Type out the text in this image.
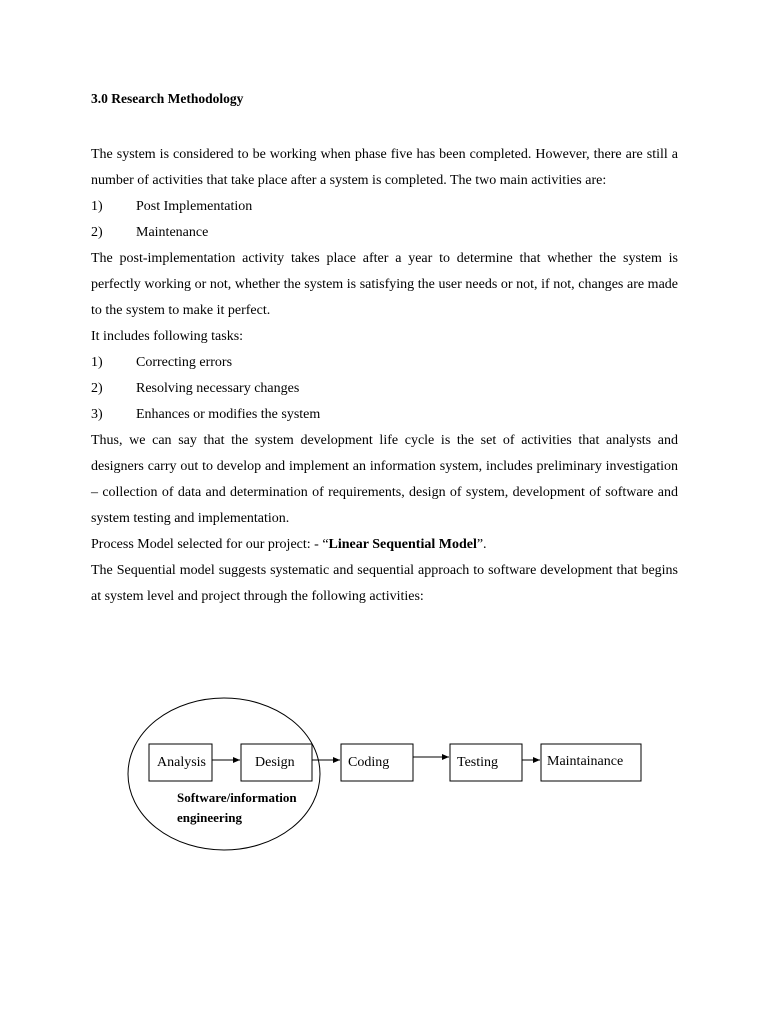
3.0 Research Methodology

The system is considered to be working when phase five has been completed. However, there are still a number of activities that take place after a system is completed. The two main activities are:

1)	Post Implementation
2)	Maintenance

The post-implementation activity takes place after a year to determine that whether the system is perfectly working or not, whether the system is satisfying the user needs or not, if not, changes are made to the system to make it perfect.

It includes following tasks:

1)	Correcting errors
2)	Resolving necessary changes
3)	Enhances or modifies the system

Thus, we can say that the system development life cycle is the set of activities that analysts and designers carry out to develop and implement an information system, includes preliminary investigation – collection of data and determination of requirements, design of system, development of software and system testing and implementation.

Process Model selected for our project: - “Linear Sequential Model”.

The Sequential model suggests systematic and sequential approach to software development that begins at system level and project through the following activities:

Analysis	Design	Coding	Testing	Maintainance
Software/information
engineering
